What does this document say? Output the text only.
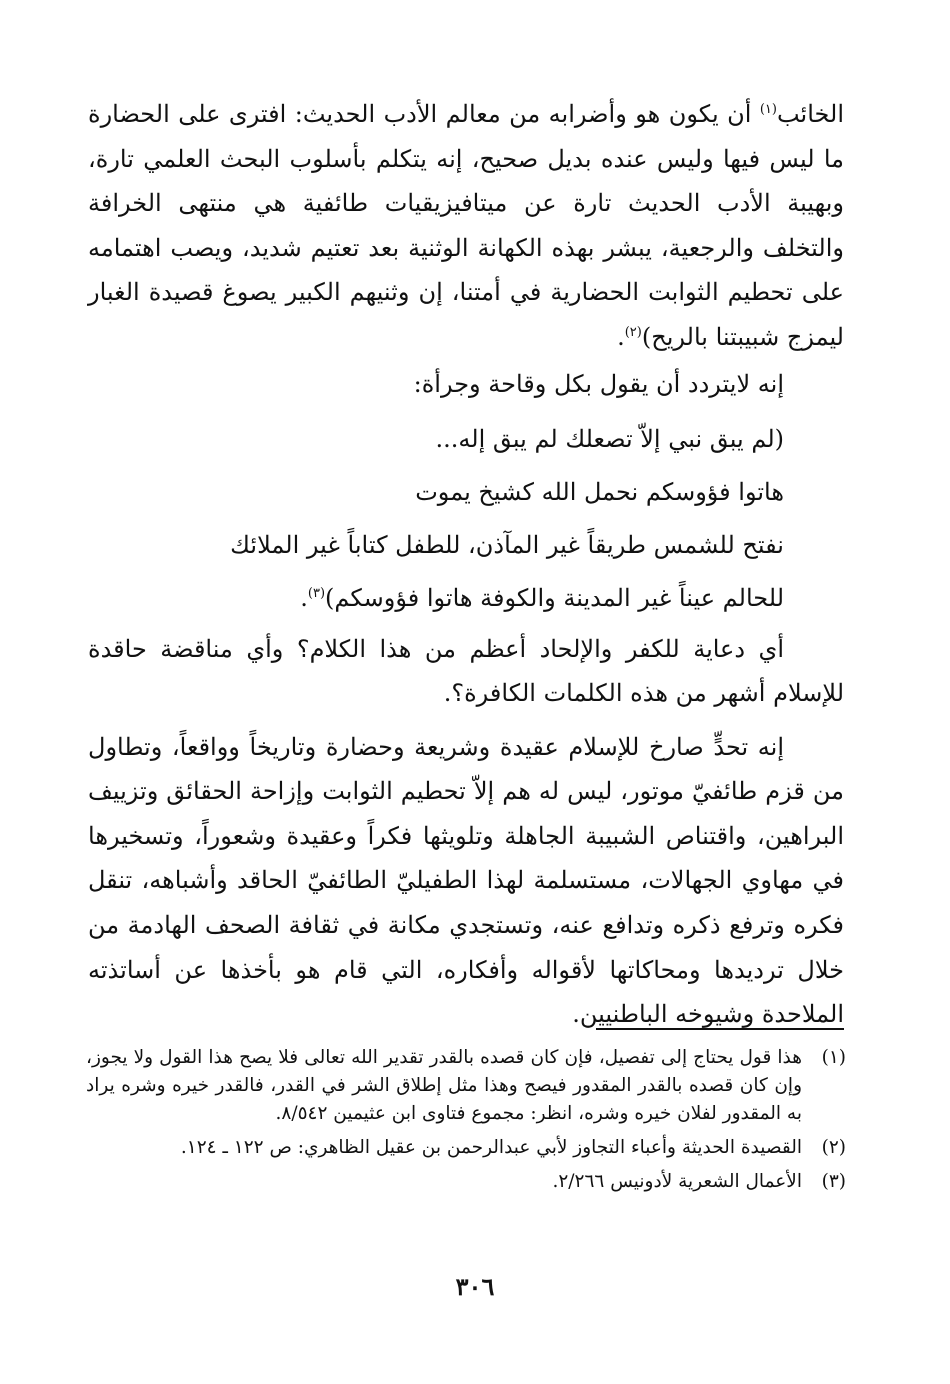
الخائب$^{(١)}$ أن يكون هو وأضرابه من معالم الأدب الحديث: افترى على الحضارة ما ليس فيها وليس عنده بديل صحيح، إنه يتكلم بأسلوب البحث العلمي تارة، وبهيبة الأدب الحديث تارة عن ميتافيزيقيات طائفية هي منتهى الخرافة والتخلف والرجعية، يبشر بهذه الكهانة الوثنية بعد تعتيم شديد، ويصب اهتمامه على تحطيم الثوابت الحضارية في أمتنا، إن وثنيهم الكبير يصوغ قصيدة الغبار ليمزج شبيبتنا بالريح)$^{(٢)}$.

إنه لايتردد أن يقول بكل وقاحة وجرأة:

(لم يبق نبي إلاّ تصعلك لم يبق إله...
هاتوا فؤوسكم نحمل الله كشيخ يموت
نفتح للشمس طريقاً غير المآذن، للطفل كتاباً غير الملائك
للحالم عيناً غير المدينة والكوفة هاتوا فؤوسكم)$^{(٣)}$.

أي دعاية للكفر والإلحاد أعظم من هذا الكلام؟ وأي مناقضة حاقدة للإسلام أشهر من هذه الكلمات الكافرة؟.

إنه تحدٍّ صارخ للإسلام عقيدة وشريعة وحضارة وتاريخاً وواقعاً، وتطاول من قزم طائفيّ موتور، ليس له هم إلاّ تحطيم الثوابت وإزاحة الحقائق وتزييف البراهين، واقتناص الشبيبة الجاهلة وتلويثها فكراً وعقيدة وشعوراً، وتسخيرها في مهاوي الجهالات، مستسلمة لهذا الطفيليّ الطائفيّ الحاقد وأشباهه، تنقل فكره وترفع ذكره وتدافع عنه، وتستجدي مكانة في ثقافة الصحف الهادمة من خلال ترديدها ومحاكاتها لأقواله وأفكاره، التي قام هو بأخذها عن أساتذته الملاحدة وشيوخه الباطنيين.

(١)
هذا قول يحتاج إلى تفصيل، فإن كان قصده بالقدر تقدير الله تعالى فلا يصح هذا القول ولا يجوز، وإن كان قصده بالقدر المقدور فيصح وهذا مثل إطلاق الشر في القدر، فالقدر خيره وشره يراد به المقدور لفلان خيره وشره، انظر: مجموع فتاوى ابن عثيمين ٨/٥٤٢.
(٢)
القصيدة الحديثة وأعباء التجاوز لأبي عبدالرحمن بن عقيل الظاهري: ص ١٢٢ ـ ١٢٤.
(٣)
الأعمال الشعرية لأدونيس ٢/٢٦٦.
٣٠٦
